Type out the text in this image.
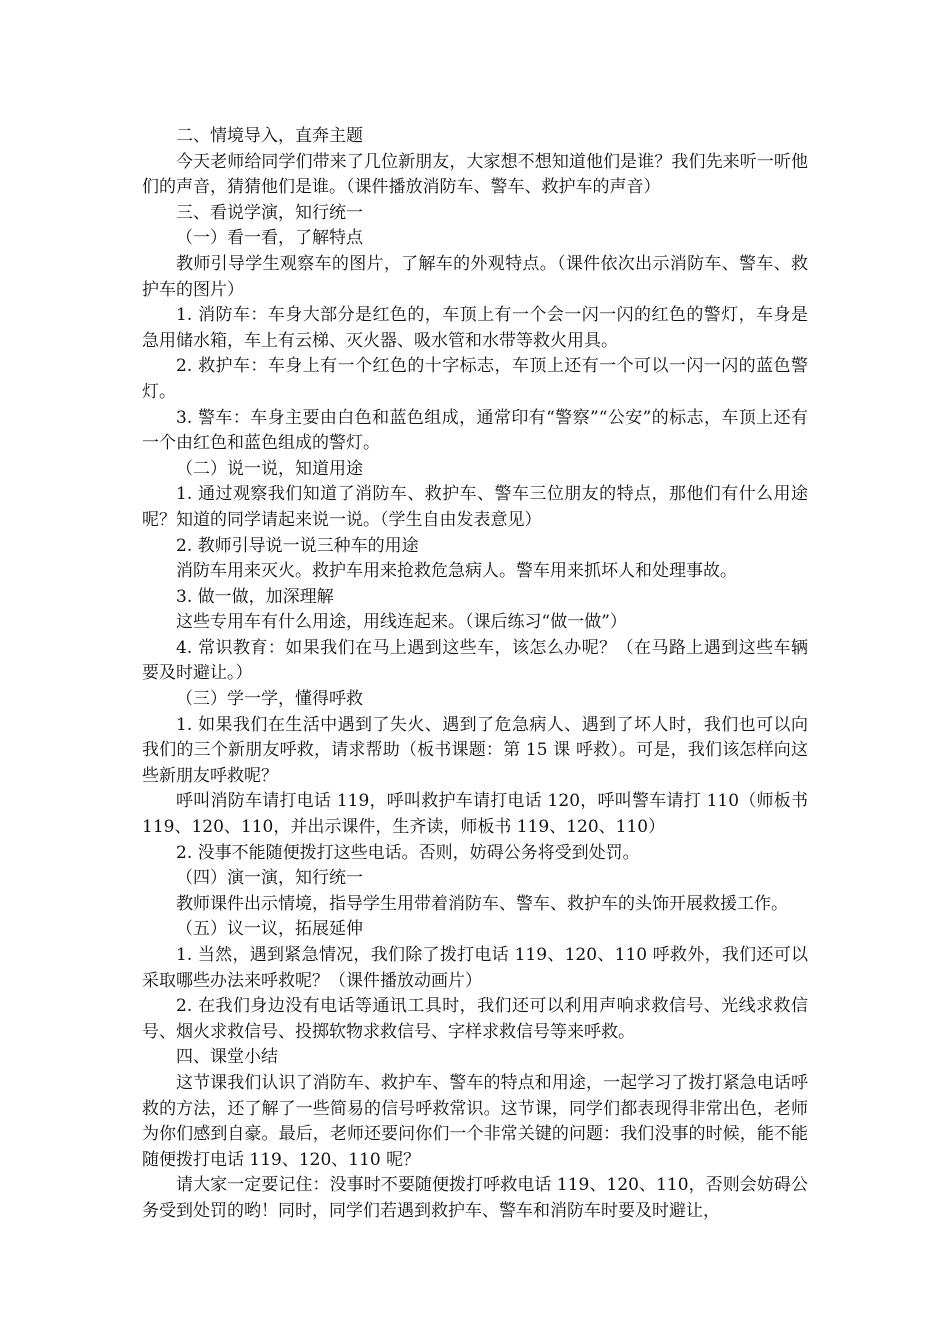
二、情境导入，直奔主题

今天老师给同学们带来了几位新朋友，大家想不想知道他们是谁？我们先来听一听他们的声音，猜猜他们是谁。（课件播放消防车、警车、救护车的声音）

三、看说学演，知行统一

（一）看一看，了解特点

教师引导学生观察车的图片，了解车的外观特点。（课件依次出示消防车、警车、救护车的图片）

1. 消防车：车身大部分是红色的，车顶上有一个会一闪一闪的红色的警灯，车身是急用储水箱，车上有云梯、灭火器、吸水管和水带等救火用具。

2. 救护车：车身上有一个红色的十字标志，车顶上还有一个可以一闪一闪的蓝色警灯。

3. 警车：车身主要由白色和蓝色组成，通常印有“警察”“公安”的标志，车顶上还有一个由红色和蓝色组成的警灯。

（二）说一说，知道用途

1. 通过观察我们知道了消防车、救护车、警车三位朋友的特点，那他们有什么用途呢？知道的同学请起来说一说。（学生自由发表意见）

2. 教师引导说一说三种车的用途

消防车用来灭火。救护车用来抢救危急病人。警车用来抓坏人和处理事故。

3. 做一做，加深理解

这些专用车有什么用途，用线连起来。（课后练习“做一做”）

4. 常识教育：如果我们在马上遇到这些车，该怎么办呢？（在马路上遇到这些车辆要及时避让。）

（三）学一学，懂得呼救

1. 如果我们在生活中遇到了失火、遇到了危急病人、遇到了坏人时，我们也可以向我们的三个新朋友呼救，请求帮助（板书课题：第 15 课 呼救）。可是，我们该怎样向这些新朋友呼救呢？

呼叫消防车请打电话 119，呼叫救护车请打电话 120，呼叫警车请打 110（师板书 119、120、110，并出示课件，生齐读，师板书 119、120、110）

2. 没事不能随便拨打这些电话。否则，妨碍公务将受到处罚。

（四）演一演，知行统一

教师课件出示情境，指导学生用带着消防车、警车、救护车的头饰开展救援工作。

（五）议一议，拓展延伸

1. 当然，遇到紧急情况，我们除了拨打电话 119、120、110 呼救外，我们还可以采取哪些办法来呼救呢？（课件播放动画片）

2. 在我们身边没有电话等通讯工具时，我们还可以利用声响求救信号、光线求救信号、烟火求救信号、投掷软物求救信号、字样求救信号等来呼救。

四、课堂小结

这节课我们认识了消防车、救护车、警车的特点和用途，一起学习了拨打紧急电话呼救的方法，还了解了一些简易的信号呼救常识。这节课，同学们都表现得非常出色，老师为你们感到自豪。最后，老师还要问你们一个非常关键的问题：我们没事的时候，能不能随便拨打电话 119、120、110 呢？

请大家一定要记住：没事时不要随便拨打呼救电话 119、120、110，否则会妨碍公务受到处罚的哟！同时，同学们若遇到救护车、警车和消防车时要及时避让，
